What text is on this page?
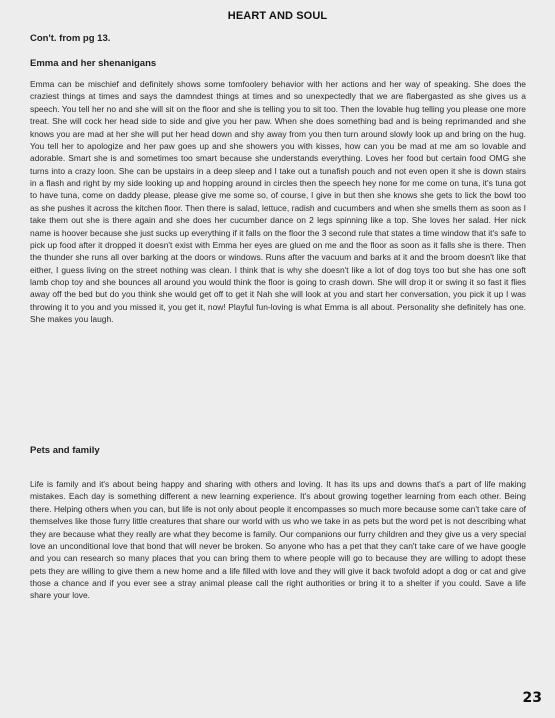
HEART AND SOUL
Con't. from pg 13.
Emma and her shenanigans

Emma can be mischief and definitely shows some tomfoolery behavior with her actions and her way of speaking. She does the craziest things at times and says the damndest things at times and so unexpectedly that we are flabergasted as she gives us a speech. You tell her no and she will sit on the floor and she is telling you to sit too. Then the lovable hug telling you please one more treat. She will cock her head side to side and give you her paw. When she does something bad and is being reprimanded and she knows you are mad at her she will put her head down and shy away from you then turn around slowly look up and bring on the hug. You tell her to apologize and her paw goes up and she showers you with kisses, how can you be mad at me am so lovable and adorable. Smart she is and sometimes too smart because she understands everything. Loves her food but certain food OMG she turns into a crazy loon. She can be upstairs in a deep sleep and I take out a tunafish pouch and not even open it she is down stairs in a flash and right by my side looking up and hopping around in circles then the speech hey none for me come on tuna, it's tuna got to have tuna, come on daddy please, please give me some so, of course, I give in but then she knows she gets to lick the bowl too as she pushes it across the kitchen floor. Then there is salad, lettuce, radish and cucumbers and when she smells them as soon as I take them out she is there again and she does her cucumber dance on 2 legs spinning like a top. She loves her salad. Her nick name is hoover because she just sucks up everything if it falls on the floor the 3 second rule that states a time window that it's safe to pick up food after it dropped it doesn't exist with Emma her eyes are glued on me and the floor as soon as it falls she is there. Then the thunder she runs all over barking at the doors or windows. Runs after the vacuum and barks at it and the broom doesn't like that either, I guess living on the street nothing was clean. I think that is why she doesn't like a lot of dog toys too but she has one soft lamb chop toy and she bounces all around you would think the floor is going to crash down. She will drop it or swing it so fast it flies away off the bed but do you think she would get off to get it Nah she will look at you and start her conversation, you pick it up I was throwing it to you and you missed it, you get it, now! Playful fun-loving is what Emma is all about. Personality she definitely has one. She makes you laugh.

Pets and family

Life is family and it's about being happy and sharing with others and loving. It has its ups and downs that's a part of life making mistakes. Each day is something different a new learning experience. It's about growing together learning from each other. Being there. Helping others when you can, but life is not only about people it encompasses so much more because some can't take care of themselves like those furry little creatures that share our world with us who we take in as pets but the word pet is not describing what they are because what they really are what they become is family. Our companions our furry children and they give us a very special love an unconditional love that bond that will never be broken. So anyone who has a pet that they can't take care of we have google and you can research so many places that you can bring them to where people will go to because they are willing to adopt these pets they are willing to give them a new home and a life filled with love and they will give it back twofold adopt a dog or cat and give those a chance and if you ever see a stray animal please call the right authorities or bring it to a shelter if you could. Save a life share your love.

23
